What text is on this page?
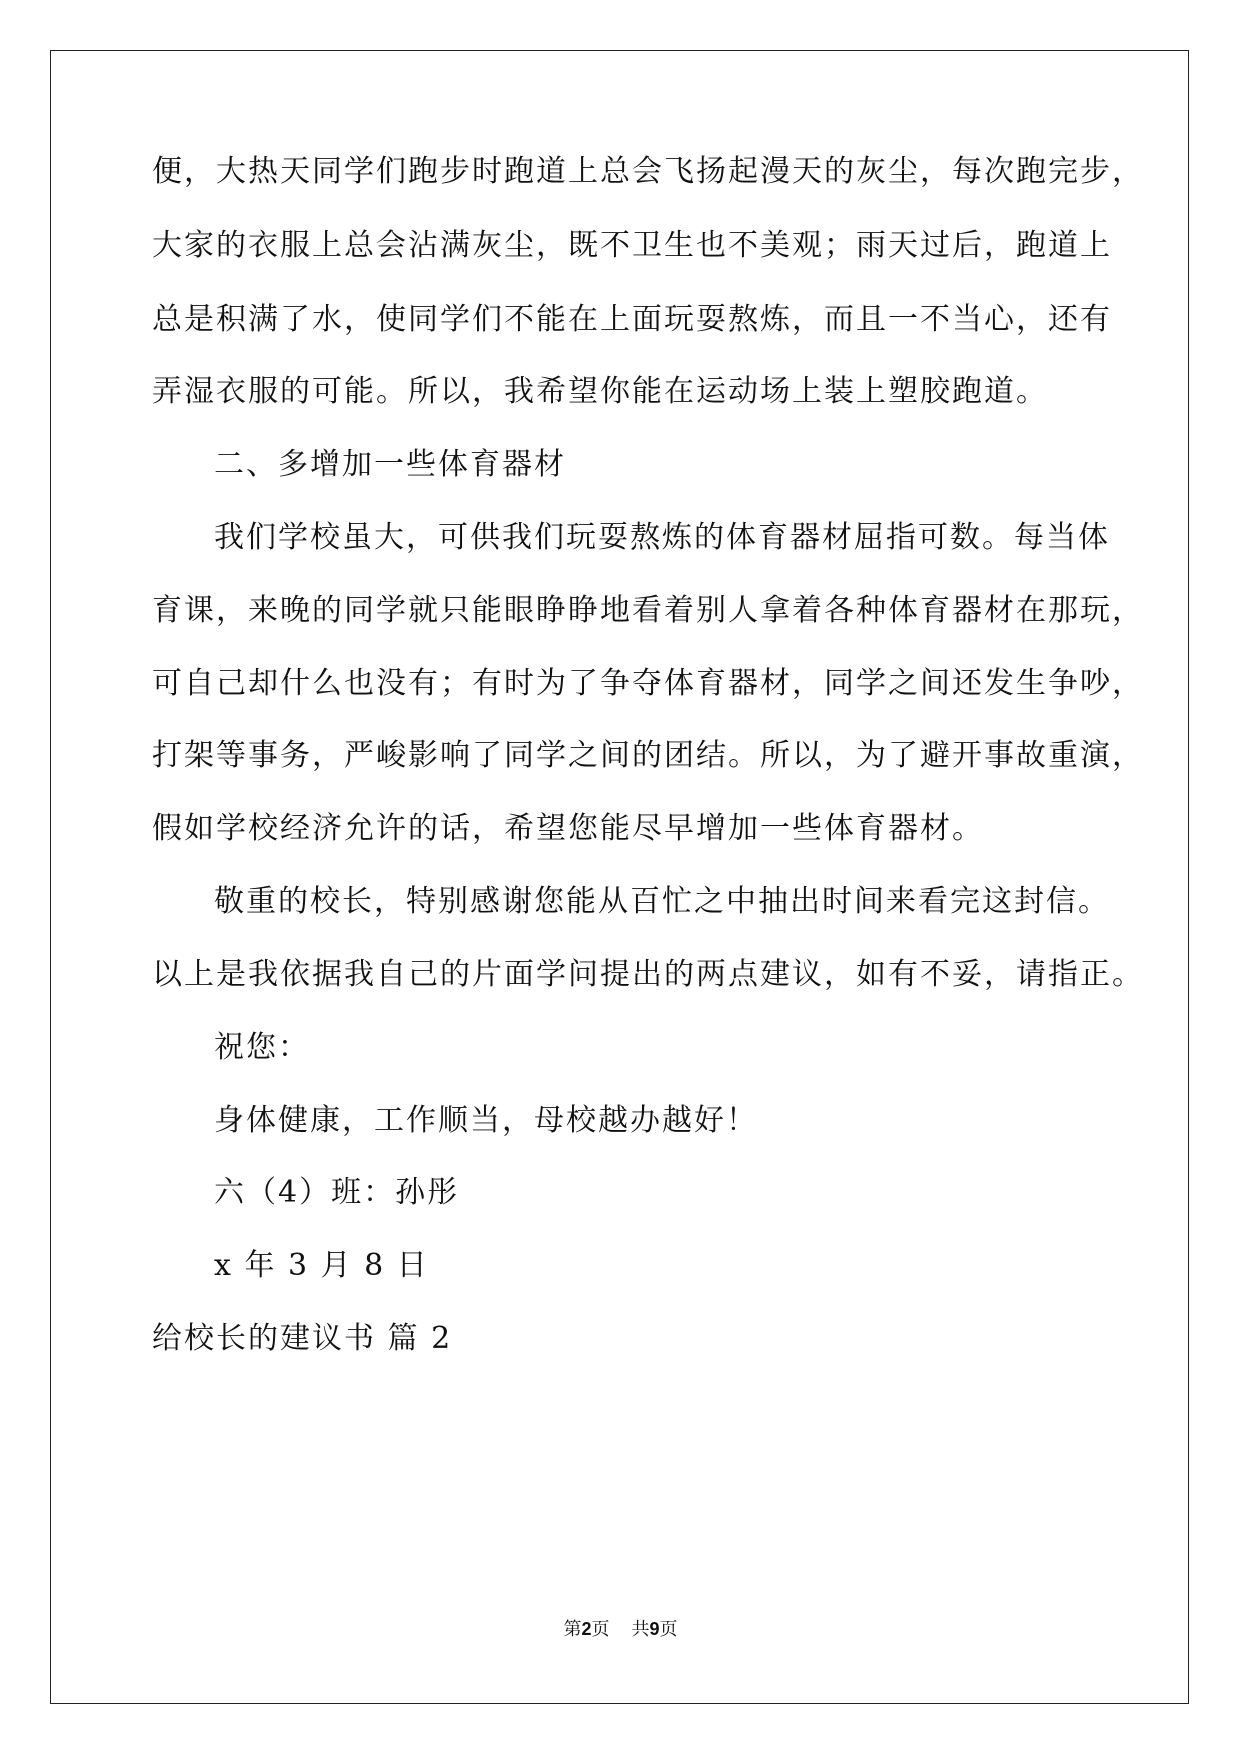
便，大热天同学们跑步时跑道上总会飞扬起漫天的灰尘，每次跑完步，
大家的衣服上总会沾满灰尘，既不卫生也不美观；雨天过后，跑道上
总是积满了水，使同学们不能在上面玩耍熬炼，而且一不当心，还有
弄湿衣服的可能。所以，我希望你能在运动场上装上塑胶跑道。
二、多增加一些体育器材
我们学校虽大，可供我们玩耍熬炼的体育器材屈指可数。每当体
育课，来晚的同学就只能眼睁睁地看着别人拿着各种体育器材在那玩，
可自己却什么也没有；有时为了争夺体育器材，同学之间还发生争吵，
打架等事务，严峻影响了同学之间的团结。所以，为了避开事故重演，
假如学校经济允许的话，希望您能尽早增加一些体育器材。
敬重的校长，特别感谢您能从百忙之中抽出时间来看完这封信。
以上是我依据我自己的片面学问提出的两点建议，如有不妥，请指正。
祝您：
身体健康，工作顺当，母校越办越好！
六（4）班：孙彤
x 年 3 月 8 日
给校长的建议书 篇 2
第2页 共9页
